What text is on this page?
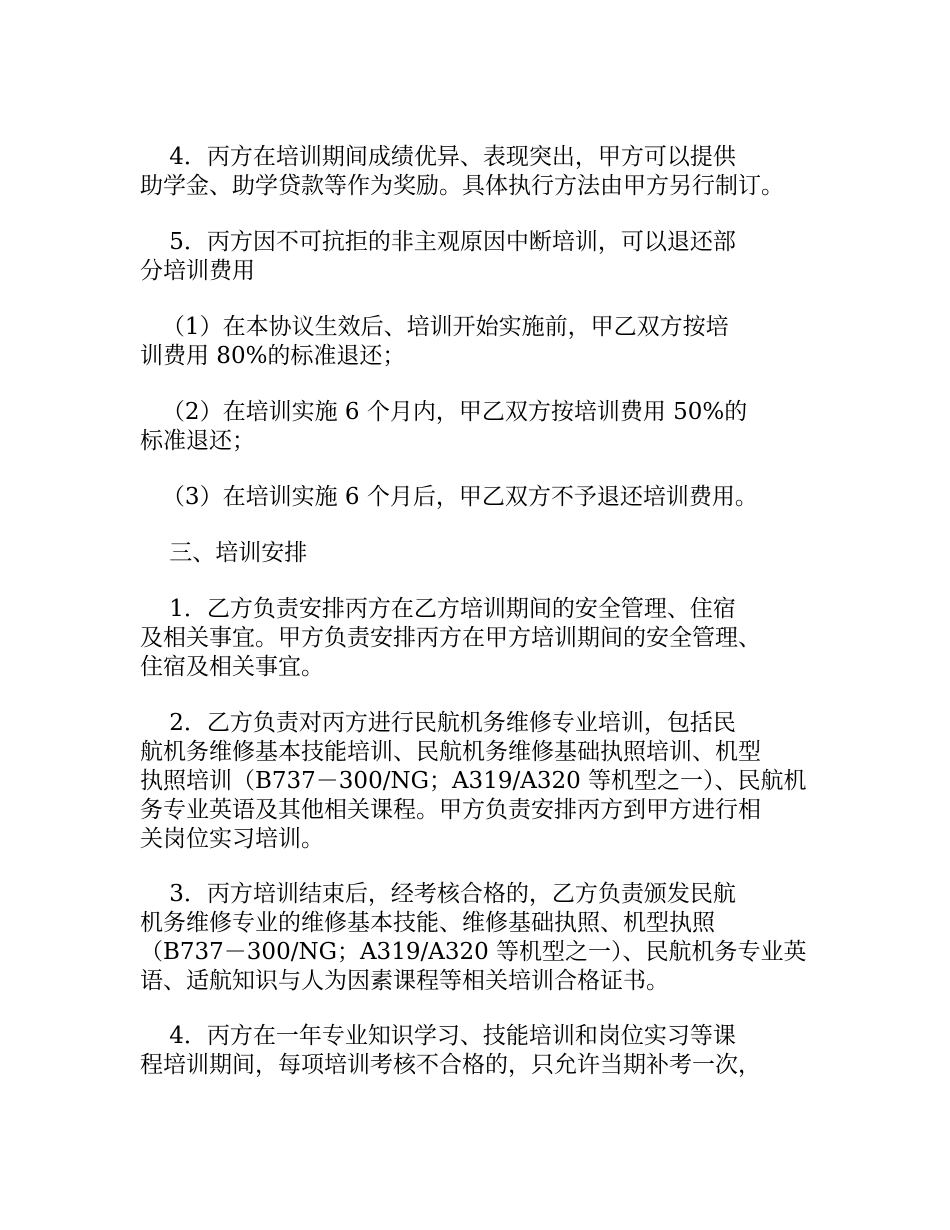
4．丙方在培训期间成绩优异、表现突出，甲方可以提供
助学金、助学贷款等作为奖励。具体执行方法由甲方另行制订。
5．丙方因不可抗拒的非主观原因中断培训，可以退还部
分培训费用
（1）在本协议生效后、培训开始实施前，甲乙双方按培
训费用 80%的标准退还；
（2）在培训实施 6 个月内，甲乙双方按培训费用 50%的
标准退还；
（3）在培训实施 6 个月后，甲乙双方不予退还培训费用。
三、培训安排
1．乙方负责安排丙方在乙方培训期间的安全管理、住宿
及相关事宜。甲方负责安排丙方在甲方培训期间的安全管理、
住宿及相关事宜。
2．乙方负责对丙方进行民航机务维修专业培训，包括民
航机务维修基本技能培训、民航机务维修基础执照培训、机型
执照培训（B737－300/NG；A319/A320 等机型之一）、民航机
务专业英语及其他相关课程。甲方负责安排丙方到甲方进行相
关岗位实习培训。
3．丙方培训结束后，经考核合格的，乙方负责颁发民航
机务维修专业的维修基本技能、维修基础执照、机型执照
（B737－300/NG；A319/A320 等机型之一）、民航机务专业英
语、适航知识与人为因素课程等相关培训合格证书。
4．丙方在一年专业知识学习、技能培训和岗位实习等课
程培训期间，每项培训考核不合格的，只允许当期补考一次，
